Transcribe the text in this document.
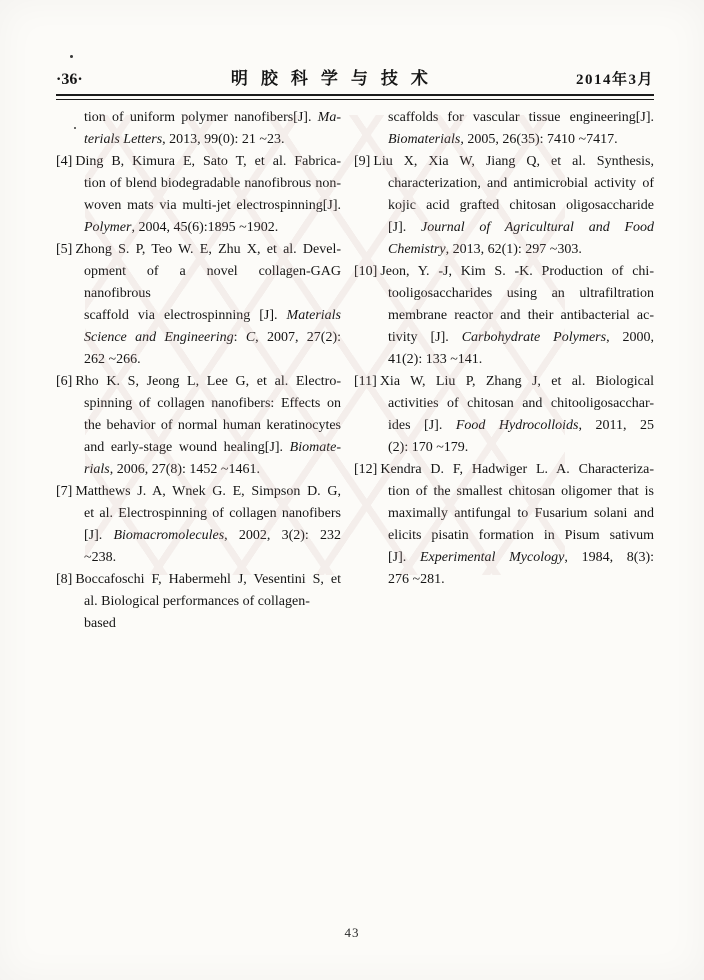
·36·	明胶科学与技术	2014年3月
tion of uniform polymer nanofibers[J]. Ma-
terials Letters, 2013, 99(0): 21 ~23.
[4] Ding B, Kimura E, Sato T, et al. Fabrica-
tion of blend biodegradable nanofibrous non-
woven mats via multi-jet electrospinning[J].
Polymer, 2004, 45(6):1895 ~1902.
[5] Zhong S. P, Teo W. E, Zhu X, et al. Devel-
opment of a novel collagen-GAG nanofibrous
scaffold via electrospinning [J]. Materials
Science and Engineering: C, 2007, 27(2):
262 ~266.
[6] Rho K. S, Jeong L, Lee G, et al. Electro-
spinning of collagen nanofibers: Effects on
the behavior of normal human keratinocytes
and early-stage wound healing[J]. Biomate-
rials, 2006, 27(8): 1452 ~1461.
[7] Matthews J. A, Wnek G. E, Simpson D. G,
et al. Electrospinning of collagen nanofibers
[J]. Biomacromolecules, 2002, 3(2): 232
~238.
[8] Boccafoschi F, Habermehl J, Vesentini S, et
al. Biological performances of collagen-based
scaffolds for vascular tissue engineering[J].
Biomaterials, 2005, 26(35): 7410 ~7417.
[9] Liu X, Xia W, Jiang Q, et al. Synthesis,
characterization, and antimicrobial activity of
kojic acid grafted chitosan oligosaccharide
[J]. Journal of Agricultural and Food
Chemistry, 2013, 62(1): 297 ~303.
[10] Jeon, Y. -J, Kim S. -K. Production of chi-
tooligosaccharides using an ultrafiltration
membrane reactor and their antibacterial ac-
tivity [J]. Carbohydrate Polymers, 2000,
41(2): 133 ~141.
[11] Xia W, Liu P, Zhang J, et al. Biological
activities of chitosan and chitooligosacchar-
ides [J]. Food Hydrocolloids, 2011, 25
(2): 170 ~179.
[12] Kendra D. F, Hadwiger L. A. Characteriza-
tion of the smallest chitosan oligomer that is
maximally antifungal to Fusarium solani and
elicits pisatin formation in Pisum sativum
[J]. Experimental Mycology, 1984, 8(3):
276 ~281.
43
